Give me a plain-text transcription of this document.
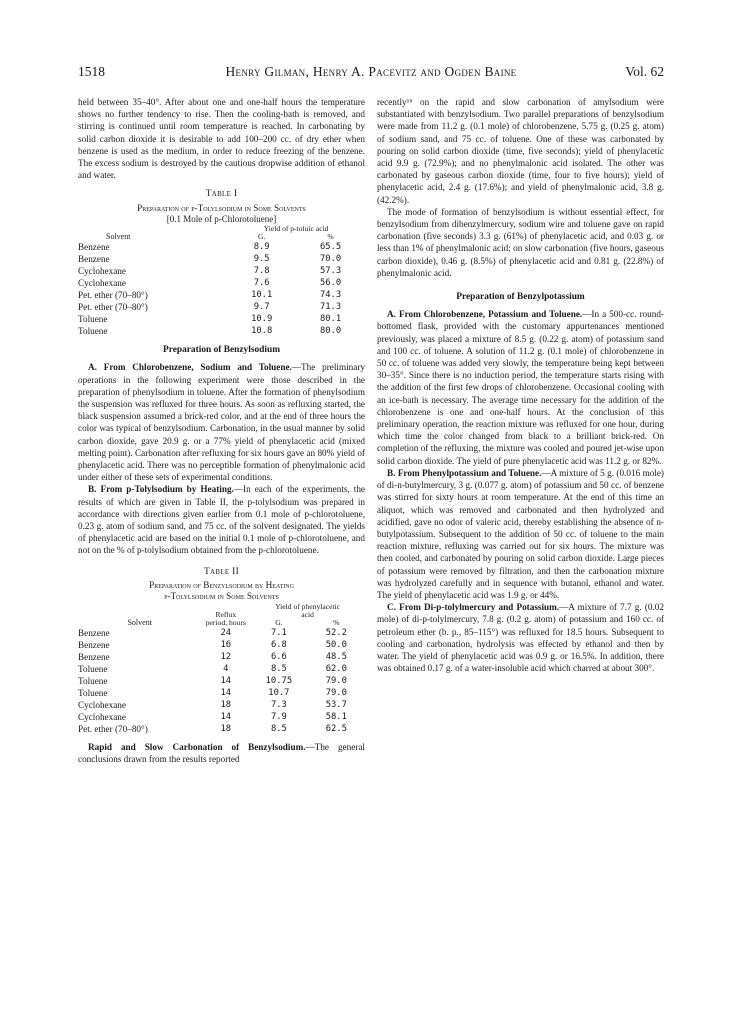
1518	Henry Gilman, Henry A. Pacevitz and Ogden Baine	Vol. 62

held between 35–40°. After about one and one-half hours the temperature shows no further tendency to rise. Then the cooling-bath is removed, and stirring is continued until room temperature is reached. In carbonating by solid carbon dioxide it is desirable to add 100–200 cc. of dry ether when benzene is used as the medium, in order to reduce freezing of the benzene. The excess sodium is destroyed by the cautious dropwise addition of ethanol and water.

Table I
Preparation of p-Tolylsodium in Some Solvents
[0.1 Mole of p-Chlorotoluene]
Solvent	Yield of p-toluic acid	
	G.	%
Benzene	8.9	65.5
Benzene	9.5	70.0
Cyclohexane	7.8	57.3
Cyclohexane	7.6	56.0
Pet. ether (70–80°)	10.1	74.3
Pet. ether (70–80°)	9.7	71.3
Toluene	10.9	80.1
Toluene	10.8	80.0
Preparation of Benzylsodium

A. From Chlorobenzene, Sodium and Toluene.—The preliminary operations in the following experiment were those described in the preparation of phenylsodium in toluene. After the formation of phenylsodium the suspension was refluxed for three hours. As soon as refluxing started, the black suspension assumed a brick-red color, and at the end of three hours the color was typical of benzylsodium. Carbonation, in the usual manner by solid carbon dioxide, gave 20.9 g. or a 77% yield of phenylacetic acid (mixed melting point). Carbonation after refluxing for six hours gave an 80% yield of phenylacetic acid. There was no perceptible formation of phenylmalonic acid under either of these sets of experimental conditions.

B. From p-Tolylsodium by Heating.—In each of the experiments, the results of which are given in Table II, the p-tolylsodium was prepared in accordance with directions given earlier from 0.1 mole of p-chlorotoluene, 0.23 g. atom of sodium sand, and 75 cc. of the solvent designated. The yields of phenylacetic acid are based on the initial 0.1 mole of p-chlorotoluene, and not on the % of p-tolylsodium obtained from the p-chlorotoluene.

Table II
Preparation of Benzylsodium by Heating
p-Tolylsodium in Some Solvents
Solvent	Reflux period, hours	Yield of phenylacetic acid	
		G.	%
Benzene	24	7.1	52.2
Benzene	16	6.8	50.0
Benzene	12	6.6	48.5
Toluene	4	8.5	62.0
Toluene	14	10.75	79.0
Toluene	14	10.7	79.0
Cyclohexane	18	7.3	53.7
Cyclohexane	14	7.9	58.1
Pet. ether (70–80°)	18	8.5	62.5

Rapid and Slow Carbonation of Benzylsodium.—The general conclusions drawn from the results reported

recently¹⁶ on the rapid and slow carbonation of amylsodium were substantiated with benzylsodium. Two parallel preparations of benzylsodium were made from 11.2 g. (0.1 mole) of chlorobenzene, 5.75 g. (0.25 g. atom) of sodium sand, and 75 cc. of toluene. One of these was carbonated by pouring on solid carbon dioxide (time, five seconds); yield of phenylacetic acid 9.9 g. (72.9%); and no phenylmalonic acid isolated. The other was carbonated by gaseous carbon dioxide (time, four to five hours); yield of phenylacetic acid, 2.4 g. (17.6%); and yield of phenylmalonic acid, 3.8 g. (42.2%).

The mode of formation of benzylsodium is without essential effect, for benzylsodium from dibenzylmercury, sodium wire and toluene gave on rapid carbonation (five seconds) 3.3 g. (61%) of phenylacetic acid, and 0.03 g. or less than 1% of phenylmalonic acid; on slow carbonation (five hours, gaseous carbon dioxide), 0.46 g. (8.5%) of phenylacetic acid and 0.81 g. (22.8%) of phenylmalonic acid.

Preparation of Benzylpotassium

A. From Chlorobenzene, Potassium and Toluene.—In a 500-cc. round-bottomed flask, provided with the customary appurtenances mentioned previously, was placed a mixture of 8.5 g. (0.22 g. atom) of potassium sand and 100 cc. of toluene. A solution of 11.2 g. (0.1 mole) of chlorobenzene in 50 cc. of toluene was added very slowly, the temperature being kept between 30–35°. Since there is no induction period, the temperature starts rising with the addition of the first few drops of chlorobenzene. Occasional cooling with an ice-bath is necessary. The average time necessary for the addition of the chlorobenzene is one and one-half hours. At the conclusion of this preliminary operation, the reaction mixture was refluxed for one hour, during which time the color changed from black to a brilliant brick-red. On completion of the refluxing, the mixture was cooled and poured jet-wise upon solid carbon dioxide. The yield of pure phenylacetic acid was 11.2 g. or 82%.

B. From Phenylpotassium and Toluene.—A mixture of 5 g. (0.016 mole) of di-n-butylmercury, 3 g. (0.077 g. atom) of potassium and 50 cc. of benzene was stirred for sixty hours at room temperature. At the end of this time an aliquot, which was removed and carbonated and then hydrolyzed and acidified, gave no odor of valeric acid, thereby establishing the absence of n-butylpotassium. Subsequent to the addition of 50 cc. of toluene to the main reaction mixture, refluxing was carried out for six hours. The mixture was then cooled, and carbonated by pouring on solid carbon dioxide. Large pieces of potassium were removed by filtration, and then the carbonation mixture was hydrolyzed carefully and in sequence with butanol, ethanol and water. The yield of phenylacetic acid was 1.9 g. or 44%.

C. From Di-p-tolylmercury and Potassium.—A mixture of 7.7 g. (0.02 mole) of di-p-tolylmercury, 7.8 g. (0.2 g. atom) of potassium and 160 cc. of petroleum ether (b. p., 85–115°) was refluxed for 18.5 hours. Subsequent to cooling and carbonation, hydrolysis was effected by ethanol and then by water. The yield of phenylacetic acid was 0.9 g. or 16.5%. In addition, there was obtained 0.17 g. of a water-insoluble acid which charred at about 300°.
